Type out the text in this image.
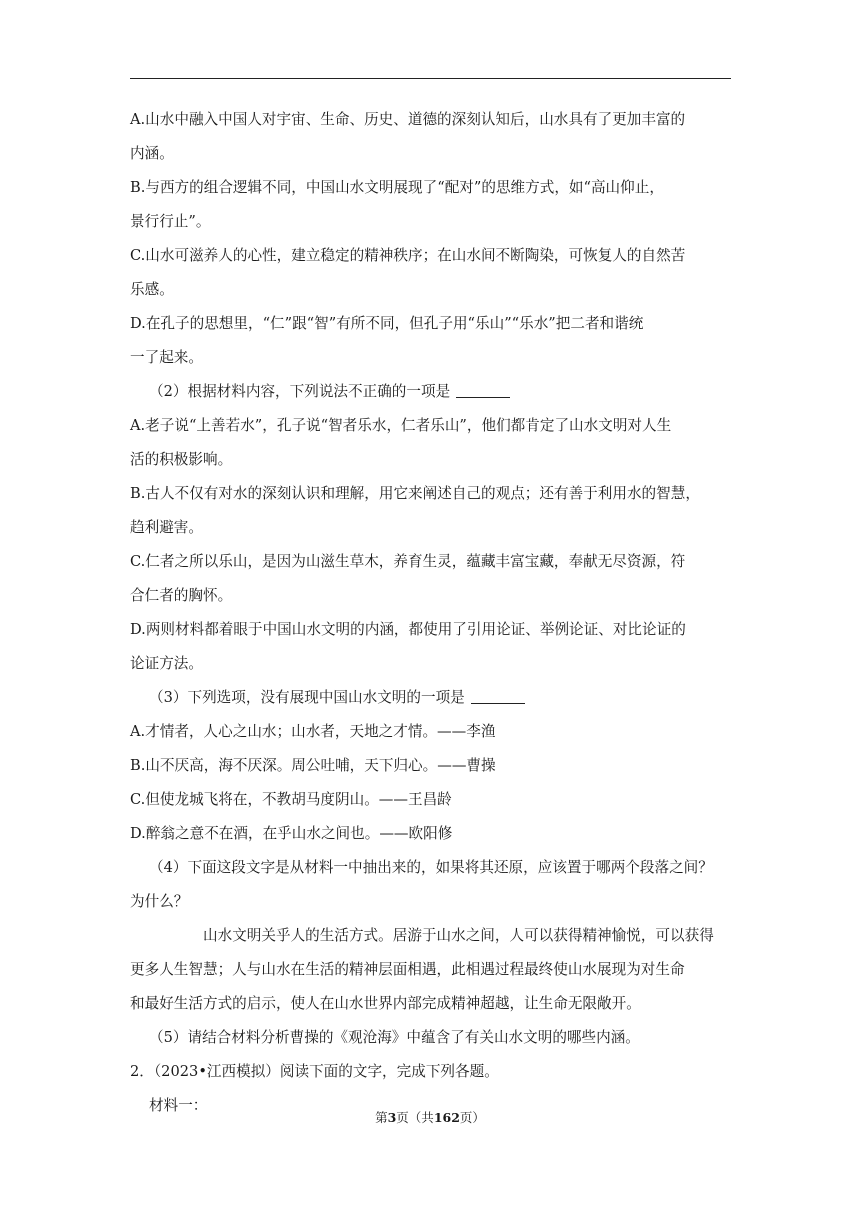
A.山水中融入中国人对宇宙、生命、历史、道德的深刻认知后，山水具有了更加丰富的
内涵。
B.与西方的组合逻辑不同，中国山水文明展现了“配对”的思维方式，如“高山仰止，
景行行止”。
C.山水可滋养人的心性，建立稳定的精神秩序；在山水间不断陶染，可恢复人的自然苦
乐感。
D.在孔子的思想里，“仁”跟“智”有所不同，但孔子用“乐山”“乐水”把二者和谐统
一了起来。
（2）根据材料内容，下列说法不正确的一项是
A.老子说“上善若水”，孔子说“智者乐水，仁者乐山”，他们都肯定了山水文明对人生
活的积极影响。
B.古人不仅有对水的深刻认识和理解，用它来阐述自己的观点；还有善于利用水的智慧，
趋利避害。
C.仁者之所以乐山，是因为山滋生草木，养育生灵，蕴藏丰富宝藏，奉献无尽资源，符
合仁者的胸怀。
D.两则材料都着眼于中国山水文明的内涵，都使用了引用论证、举例论证、对比论证的
论证方法。
（3）下列选项，没有展现中国山水文明的一项是
A.才情者，人心之山水；山水者，天地之才情。——李渔
B.山不厌高，海不厌深。周公吐哺，天下归心。——曹操
C.但使龙城飞将在，不教胡马度阴山。——王昌龄
D.醉翁之意不在酒，在乎山水之间也。——欧阳修
（4）下面这段文字是从材料一中抽出来的，如果将其还原，应该置于哪两个段落之间？
为什么？
山水文明关乎人的生活方式。居游于山水之间，人可以获得精神愉悦，可以获得
更多人生智慧；人与山水在生活的精神层面相遇，此相遇过程最终使山水展现为对生命
和最好生活方式的启示，使人在山水世界内部完成精神超越，让生命无限敞开。
（5）请结合材料分析曹操的《观沧海》中蕴含了有关山水文明的哪些内涵。
2．（2023•江西模拟）阅读下面的文字，完成下列各题。
材料一：
第3页（共162页）
